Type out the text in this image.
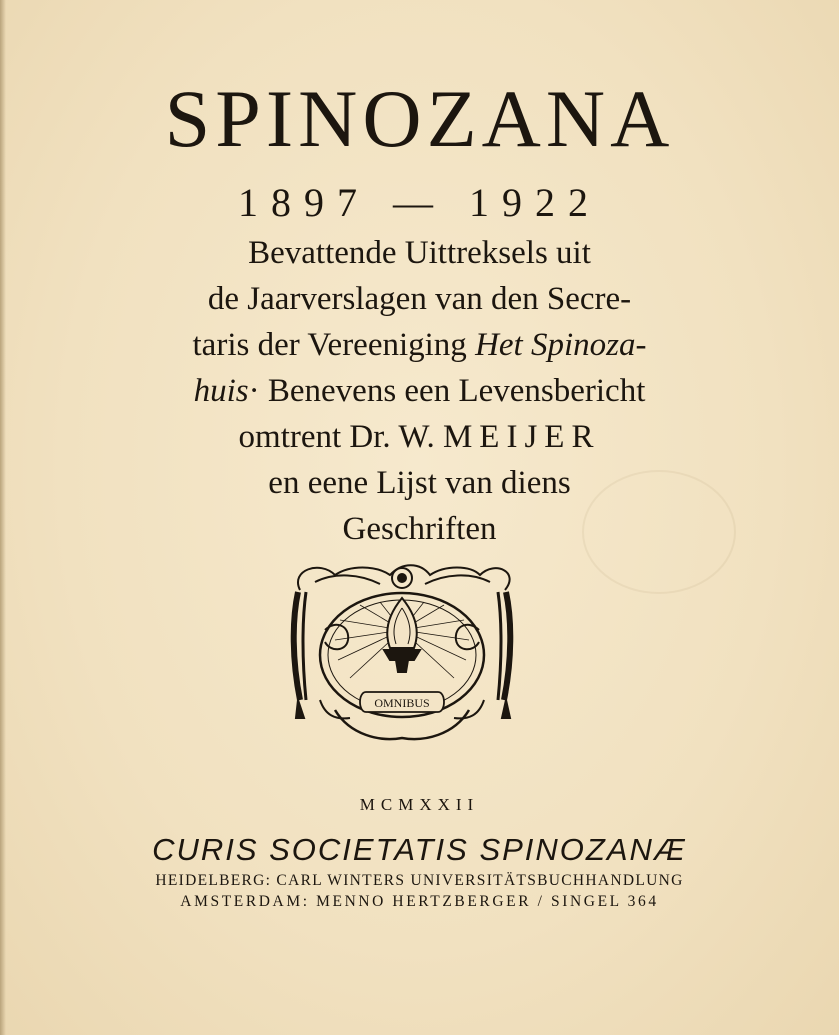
SPINOZANA
1897 — 1922
Bevattende Uittreksels uit
de Jaarverslagen van den Secre-
taris der Vereeniging Het Spinoza-
huis· Benevens een Levensbericht
omtrent Dr. W. MEIJER
en eene Lijst van diens
Geschriften
OMNIBUS
MCMXXII
CURIS SOCIETATIS SPINOZANÆ
HEIDELBERG: CARL WINTERS UNIVERSITÄTSBUCHHANDLUNG
AMSTERDAM: MENNO HERTZBERGER / SINGEL 364
